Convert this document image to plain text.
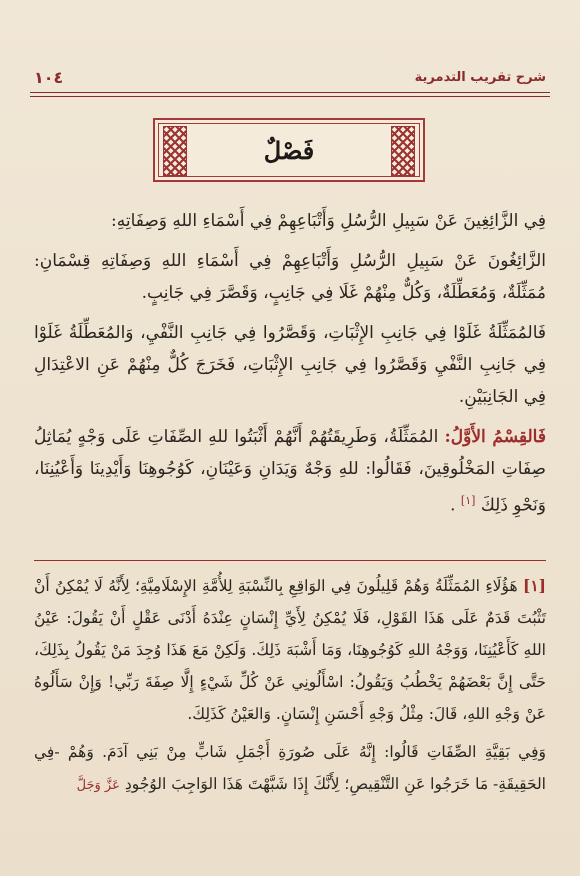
١٠٤	شرح تقريب التدمرية
فَصْلٌ

فِي الزَّائِغِينَ عَنْ سَبِيلِ الرُّسُلِ وَأَتْبَاعِهِمْ فِي أَسْمَاءِ اللهِ وَصِفَاتِهِ:

الزَّائِغُونَ عَنْ سَبِيلِ الرُّسُلِ وَأَتْبَاعِهِمْ فِي أَسْمَاءِ اللهِ وَصِفَاتِهِ قِسْمَانِ: مُمَثِّلَةٌ، وَمُعَطِّلَةٌ، وَكُلٌّ مِنْهُمْ غَلَا فِي جَانِبٍ، وَقَصَّرَ فِي جَانِبٍ.

فَالمُمَثِّلَةُ غَلَوْا فِي جَانِبِ الإِثْبَاتِ، وَقَصَّرُوا فِي جَانِبِ النَّفْيِ، وَالمُعَطِّلَةُ غَلَوْا فِي جَانِبِ النَّفْيِ وَقَصَّرُوا فِي جَانِبِ الإِثْبَاتِ، فَخَرَجَ كُلٌّ مِنْهُمْ عَنِ الاعْتِدَالِ فِي الجَانِبَيْنِ.

فَالقِسْمُ الأَوَّلُ: المُمَثِّلَةُ، وَطَرِيقَتُهُمْ أَنَّهُمْ أَثْبَتُوا للهِ الصِّفَاتِ عَلَى وَجْهٍ يُمَاثِلُ صِفَاتِ المَخْلُوقِينَ، فَقَالُوا: للهِ وَجْهٌ وَيَدَانِ وَعَيْنَانِ، كَوُجُوهِنَا وَأَيْدِينَا وَأَعْيُنِنَا، وَنَحْوِ ذَلِكَ [١] .

[١] هَؤُلَاءِ المُمَثِّلَةُ وَهُمْ قَلِيلُونَ فِي الوَاقِعِ بِالنِّسْبَةِ لِلأُمَّةِ الإِسْلَامِيَّةِ؛ لِأَنَّهُ لَا يُمْكِنُ أَنْ تَثْبُتَ قَدَمٌ عَلَى هَذَا القَوْلِ، فَلَا يُمْكِنُ لِأَيِّ إِنْسَانٍ عِنْدَهُ أَدْنَى عَقْلٍ أَنْ يَقُولَ: عَيْنُ اللهِ كَأَعْيُنِنَا، وَوَجْهُ اللهِ كَوُجُوهِنَا، وَمَا أَشْبَهَ ذَلِكَ. وَلَكِنْ مَعَ هَذَا وُجِدَ مَنْ يَقُولُ بِذَلِكَ، حَتَّى إِنَّ بَعْضَهُمْ يَخْطُبُ وَيَقُولُ: اسْأَلُونِي عَنْ كُلِّ شَيْءٍ إِلَّا صِفَةَ رَبِّي! وَإِنْ سَأَلُوهُ عَنْ وَجْهِ اللهِ، قَالَ: مِثْلُ وَجْهِ أَحْسَنِ إِنْسَانٍ. وَالعَيْنُ كَذَلِكَ.

وَفِي بَقِيَّةِ الصِّفَاتِ قَالُوا: إِنَّهُ عَلَى صُورَةِ أَجْمَلِ شَابٍّ مِنْ بَنِي آدَمَ. وَهُمْ -فِي الحَقِيقَةِ- مَا خَرَجُوا عَنِ التَّنْقِيصِ؛ لِأَنَّكَ إِذَا شَبَّهْتَ هَذَا الوَاجِبَ الوُجُودِ عَزَّ وَجَلَّ
